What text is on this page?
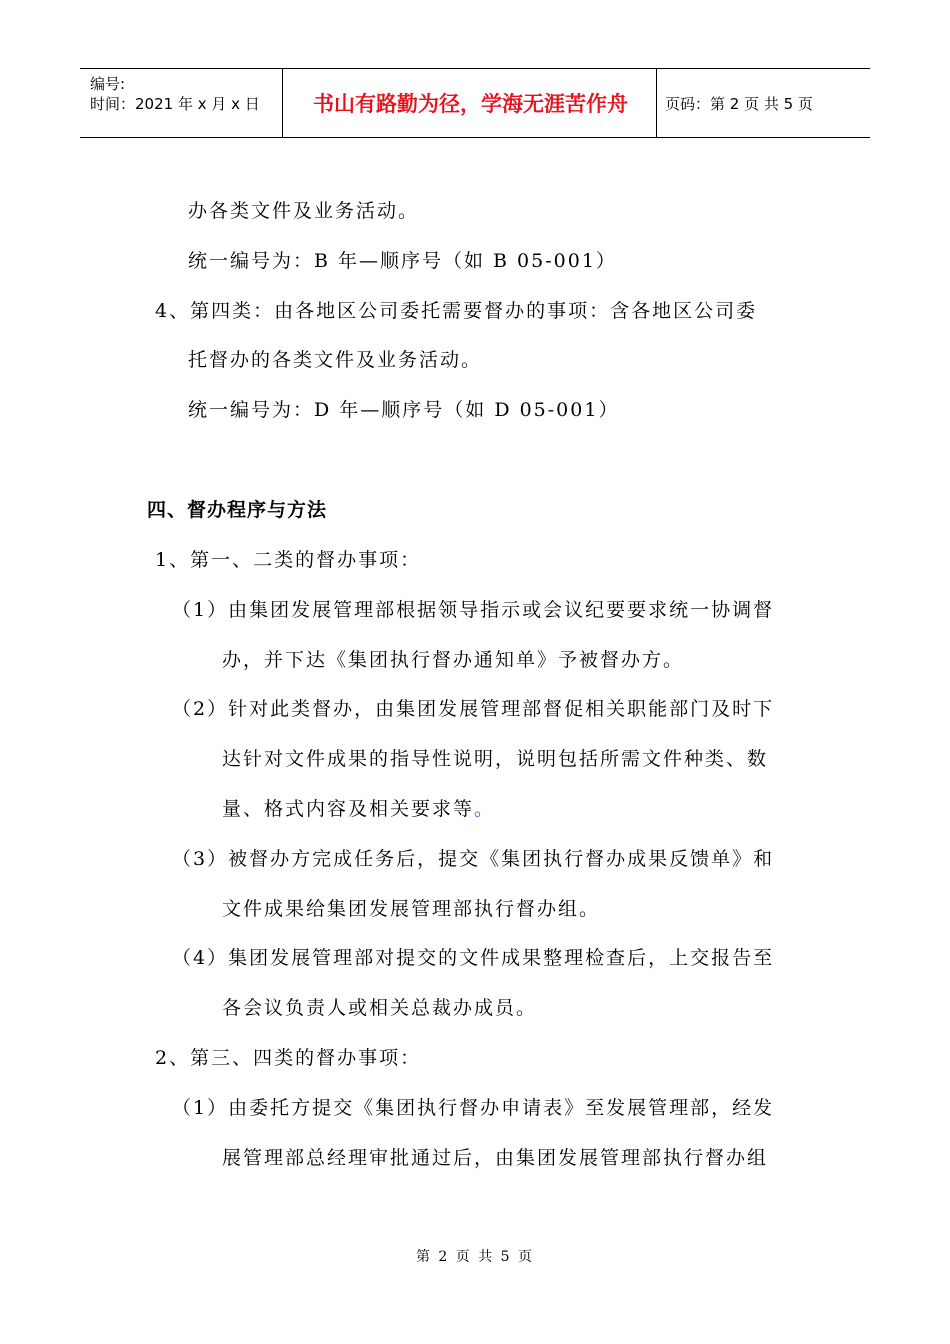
编号:
时间：2021 年 x 月 x 日	书山有路勤为径，学海无涯苦作舟	页码：第 2 页 共 5 页
办各类文件及业务活动。
统一编号为：B 年—顺序号（如 B 05-001）
4、第四类：由各地区公司委托需要督办的事项：含各地区公司委
托督办的各类文件及业务活动。
统一编号为：D 年—顺序号（如 D 05-001）
四、督办程序与方法
1、第一、二类的督办事项：
（1）由集团发展管理部根据领导指示或会议纪要要求统一协调督
办，并下达《集团执行督办通知单》予被督办方。
（2）针对此类督办，由集团发展管理部督促相关职能部门及时下
达针对文件成果的指导性说明，说明包括所需文件种类、数
量、格式内容及相关要求等。
（3）被督办方完成任务后，提交《集团执行督办成果反馈单》和
文件成果给集团发展管理部执行督办组。
（4）集团发展管理部对提交的文件成果整理检查后，上交报告至
各会议负责人或相关总裁办成员。
2、第三、四类的督办事项：
（1）由委托方提交《集团执行督办申请表》至发展管理部，经发
展管理部总经理审批通过后，由集团发展管理部执行督办组
第 2 页 共 5 页
